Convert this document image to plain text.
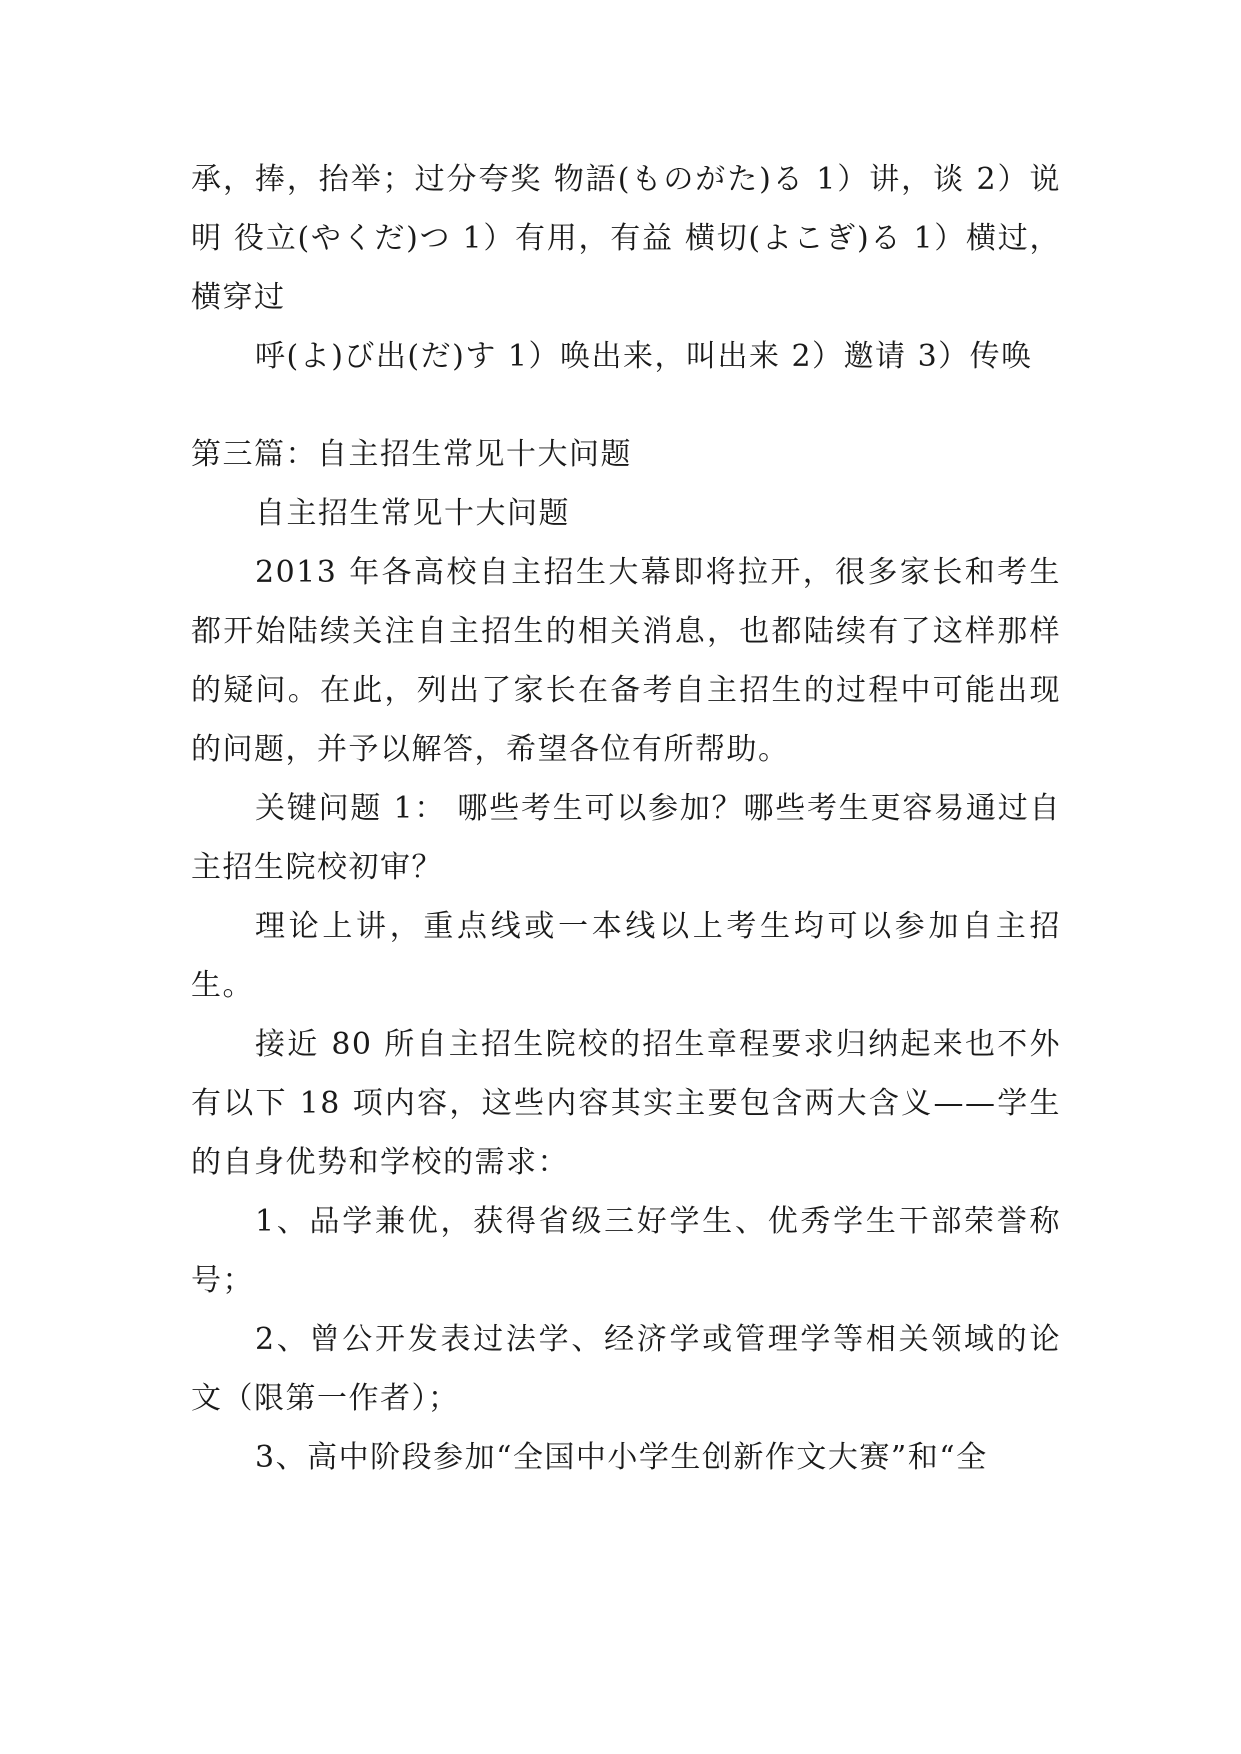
承，捧，抬举；过分夸奖 物語(ものがた)る 1）讲，谈 2）说明 役立(やくだ)つ 1）有用，有益 横切(よこぎ)る 1）横过，横穿过

呼(よ)び出(だ)す 1）唤出来，叫出来 2）邀请 3）传唤

第三篇：自主招生常见十大问题

自主招生常见十大问题

2013 年各高校自主招生大幕即将拉开，很多家长和考生都开始陆续关注自主招生的相关消息，也都陆续有了这样那样的疑问。在此，列出了家长在备考自主招生的过程中可能出现的问题，并予以解答，希望各位有所帮助。

关键问题 1： 哪些考生可以参加？哪些考生更容易通过自主招生院校初审？

理论上讲，重点线或一本线以上考生均可以参加自主招生。

接近 80 所自主招生院校的招生章程要求归纳起来也不外有以下 18 项内容，这些内容其实主要包含两大含义——学生的自身优势和学校的需求：

1、品学兼优，获得省级三好学生、优秀学生干部荣誉称号；

2、曾公开发表过法学、经济学或管理学等相关领域的论文（限第一作者）；

3、高中阶段参加“全国中小学生创新作文大赛”和“全
